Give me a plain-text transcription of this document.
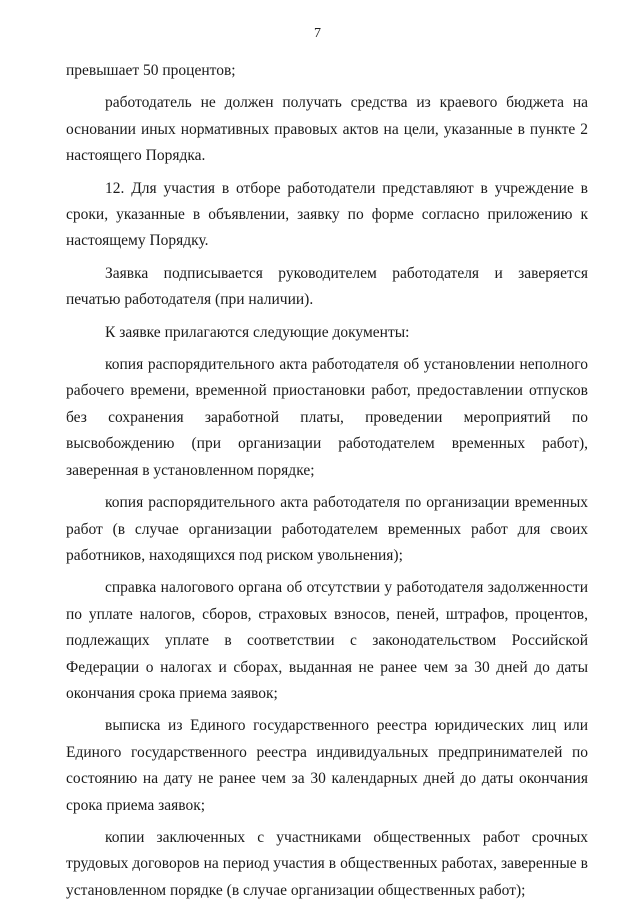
7

превышает 50 процентов;

работодатель не должен получать средства из краевого бюджета на основании иных нормативных правовых актов на цели, указанные в пункте 2 настоящего Порядка.

12. Для участия в отборе работодатели представляют в учреждение в сроки, указанные в объявлении, заявку по форме согласно приложению к настоящему Порядку.

Заявка подписывается руководителем работодателя и заверяется печатью работодателя (при наличии).

К заявке прилагаются следующие документы:

копия распорядительного акта работодателя об установлении неполного рабочего времени, временной приостановки работ, предоставлении отпусков без сохранения заработной платы, проведении мероприятий по высвобождению (при организации работодателем временных работ), заверенная в установленном порядке;

копия распорядительного акта работодателя по организации временных работ (в случае организации работодателем временных работ для своих работников, находящихся под риском увольнения);

справка налогового органа об отсутствии у работодателя задолженности по уплате налогов, сборов, страховых взносов, пеней, штрафов, процентов, подлежащих уплате в соответствии с законодательством Российской Федерации о налогах и сборах, выданная не ранее чем за 30 дней до даты окончания срока приема заявок;

выписка из Единого государственного реестра юридических лиц или Единого государственного реестра индивидуальных предпринимателей по состоянию на дату не ранее чем за 30 календарных дней до даты окончания срока приема заявок;

копии заключенных с участниками общественных работ срочных трудовых договоров на период участия в общественных работах, заверенные в установленном порядке (в случае организации общественных работ);
